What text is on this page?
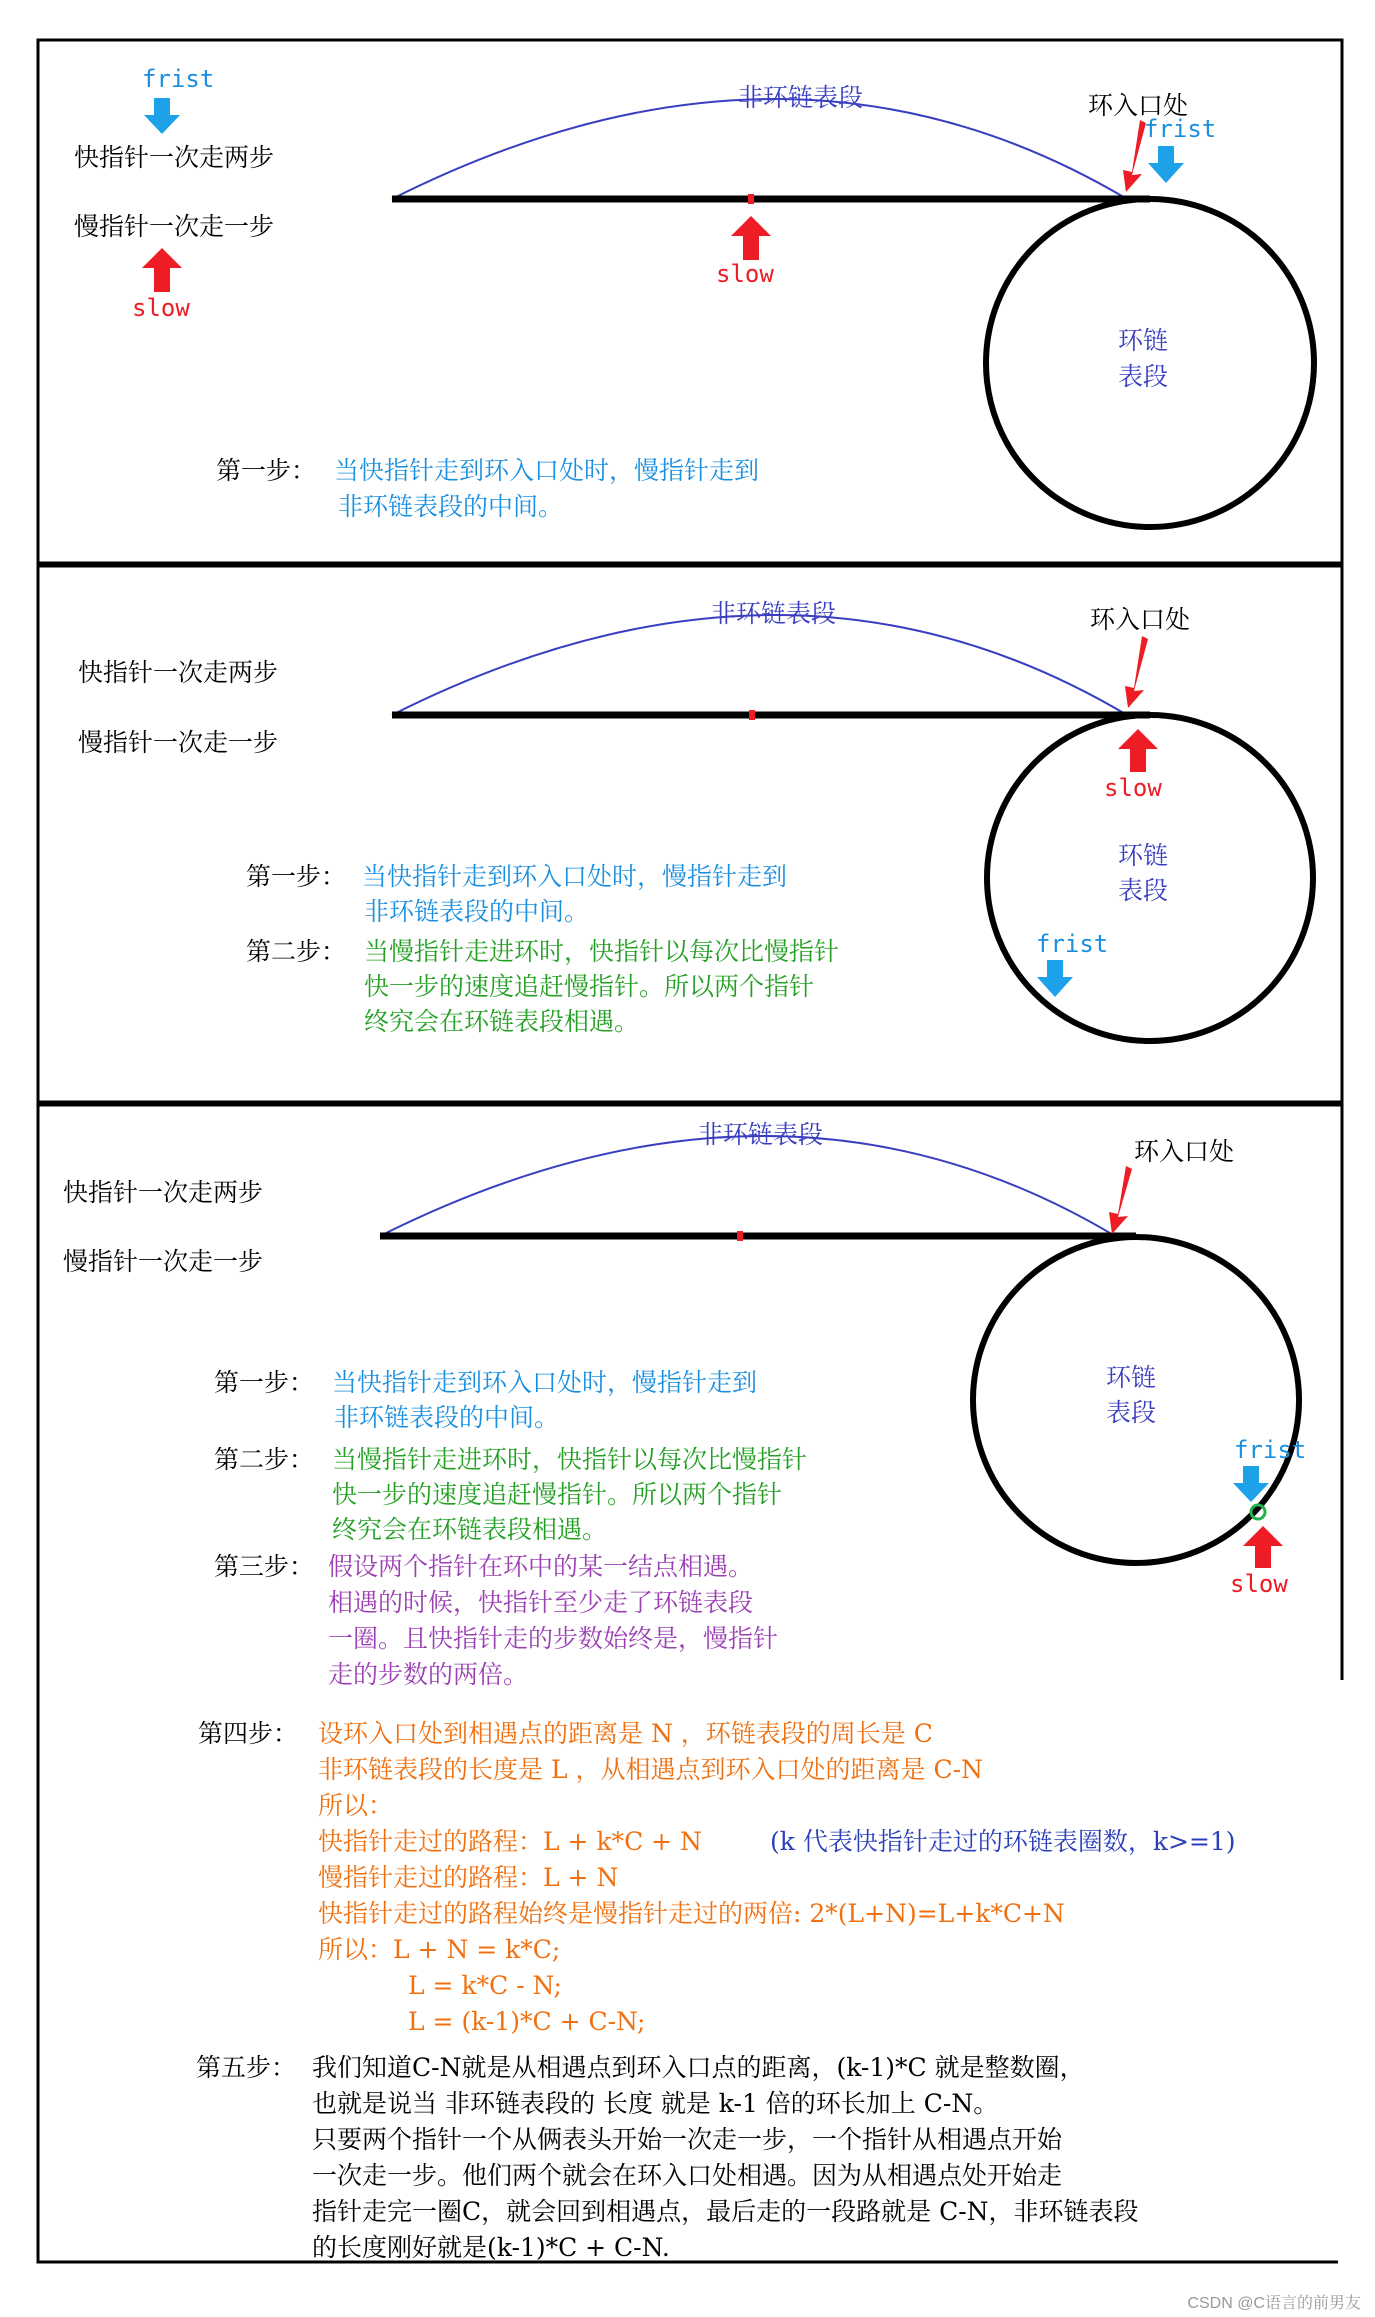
非环链表段
环链
表段
环入口处
快指针一次走两步
慢指针一次走一步
frist
slow
slow
frist
第一步： 当快指针走到环入口处时，慢指针走到
非环链表段的中间。
非环链表段
环链
表段
环入口处
快指针一次走两步
慢指针一次走一步
slow
frist
第一步： 当快指针走到环入口处时，慢指针走到
非环链表段的中间。
第二步： 当慢指针走进环时，快指针以每次比慢指针
快一步的速度追赶慢指针。所以两个指针
终究会在环链表段相遇。
非环链表段
环链
表段
环入口处
快指针一次走两步
慢指针一次走一步
frist
slow
第一步： 当快指针走到环入口处时，慢指针走到
非环链表段的中间。
第二步： 当慢指针走进环时，快指针以每次比慢指针
快一步的速度追赶慢指针。所以两个指针
终究会在环链表段相遇。
第三步： 假设两个指针在环中的某一结点相遇。
相遇的时候，快指针至少走了环链表段
一圈。且快指针走的步数始终是，慢指针
走的步数的两倍。
第四步： 设环入口处到相遇点的距离是 N ，环链表段的周长是 C
非环链表段的长度是 L ，从相遇点到环入口处的距离是 C-N
所以：
快指针走过的路程：L + k*C + N	(k 代表快指针走过的环链表圈数，k>=1)
慢指针走过的路程：L + N
快指针走过的路程始终是慢指针走过的两倍: 2*(L+N)=L+k*C+N
所以：L + N = k*C;
L = k*C - N;
L = (k-1)*C + C-N;
第五步： 我们知道C-N就是从相遇点到环入口点的距离，(k-1)*C 就是整数圈，
也就是说当 非环链表段的 长度 就是 k-1 倍的环长加上 C-N。
只要两个指针一个从俩表头开始一次走一步，一个指针从相遇点开始
一次走一步。他们两个就会在环入口处相遇。因为从相遇点处开始走
指针走完一圈C，就会回到相遇点，最后走的一段路就是 C-N，非环链表段
的长度刚好就是(k-1)*C + C-N.
CSDN @C语言的前男友
